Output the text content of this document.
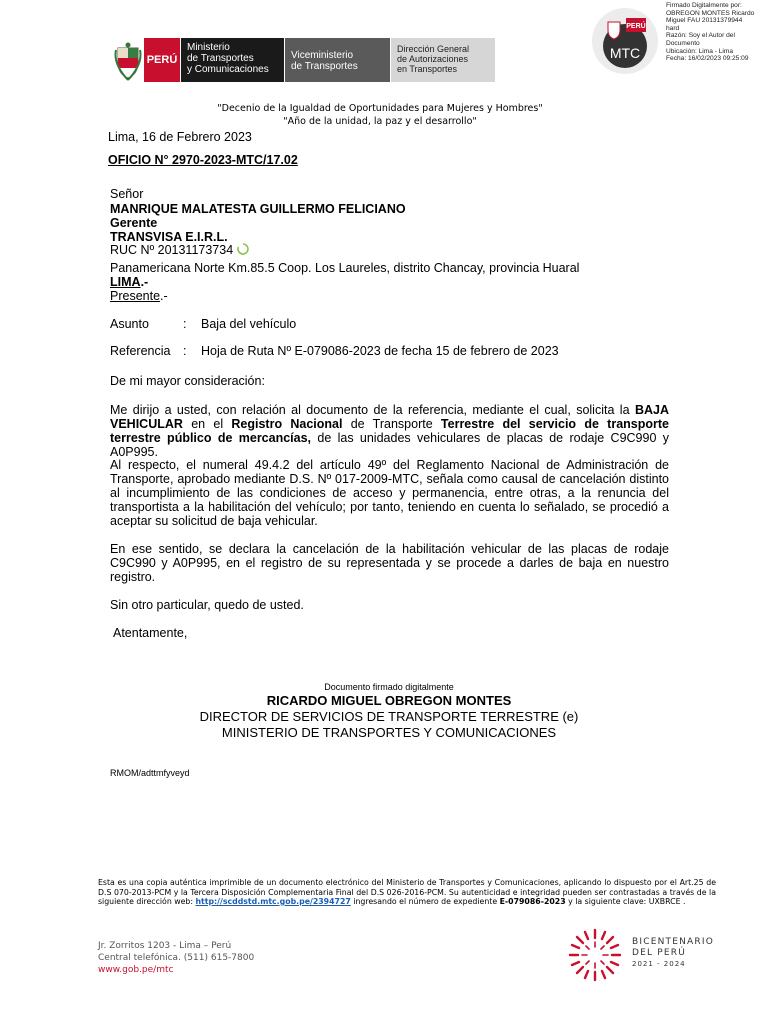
PERÚ
Ministerio
de Transportes
y Comunicaciones
Viceministerio
de Transportes
Dirección General
de Autorizaciones
en Transportes
PERÚ
MTC
Firmado Digitalmente por:
OBREGON MONTES Ricardo
Miguel FAU 20131379944
hard
Razón: Soy el Autor del
Documento
Ubicación: Lima - Lima
Fecha: 16/02/2023 09:25:09
"Decenio de la Igualdad de Oportunidades para Mujeres y Hombres"
"Año de la unidad, la paz y el desarrollo"
Lima, 16 de Febrero 2023
OFICIO N° 2970-2023-MTC/17.02
Señor
MANRIQUE MALATESTA GUILLERMO FELICIANO
Gerente
TRANSVISA E.I.R.L.
RUC Nº 20131173734
Panamericana Norte Km.85.5 Coop. Los Laureles, distrito Chancay, provincia Huaral
LIMA.-
Presente.-
Asunto	: Baja del vehículo
Referencia : Hoja de Ruta Nº E-079086-2023 de fecha 15 de febrero de 2023
De mi mayor consideración:
Me dirijo a usted, con relación al documento de la referencia, mediante el cual, solicita la BAJA VEHICULAR en el Registro Nacional de Transporte Terrestre del servicio de transporte terrestre público de mercancías, de las unidades vehiculares de placas de rodaje C9C990 y A0P995.
Al respecto, el numeral 49.4.2 del artículo 49º del Reglamento Nacional de Administración de Transporte, aprobado mediante D.S. Nº 017-2009-MTC, señala como causal de cancelación distinto al incumplimiento de las condiciones de acceso y permanencia, entre otras, a la renuncia del transportista a la habilitación del vehículo; por tanto, teniendo en cuenta lo señalado, se procedió a aceptar su solicitud de baja vehicular.
En ese sentido, se declara la cancelación de la habilitación vehicular de las placas de rodaje C9C990 y A0P995, en el registro de su representada y se procede a darles de baja en nuestro registro.
Sin otro particular, quedo de usted.
Atentamente,
Documento firmado digitalmente
RICARDO MIGUEL OBREGON MONTES
DIRECTOR DE SERVICIOS DE TRANSPORTE TERRESTRE (e)
MINISTERIO DE TRANSPORTES Y COMUNICACIONES
RMOM/adttmfyveyd
Esta es una copia auténtica imprimible de un documento electrónico del Ministerio de Transportes y Comunicaciones, aplicando lo dispuesto por el Art.25 de D.S 070-2013-PCM y la Tercera Disposición Complementaria Final del D.S 026-2016-PCM. Su autenticidad e integridad pueden ser contrastadas a través de la siguiente dirección web: http://scddstd.mtc.gob.pe/2394727 ingresando el número de expediente E-079086-2023 y la siguiente clave: UXBRCE .
Jr. Zorritos 1203 - Lima – Perú
Central telefónica. (511) 615-7800
www.gob.pe/mtc
BICENTENARIO
DEL PERÚ
2021 - 2024
